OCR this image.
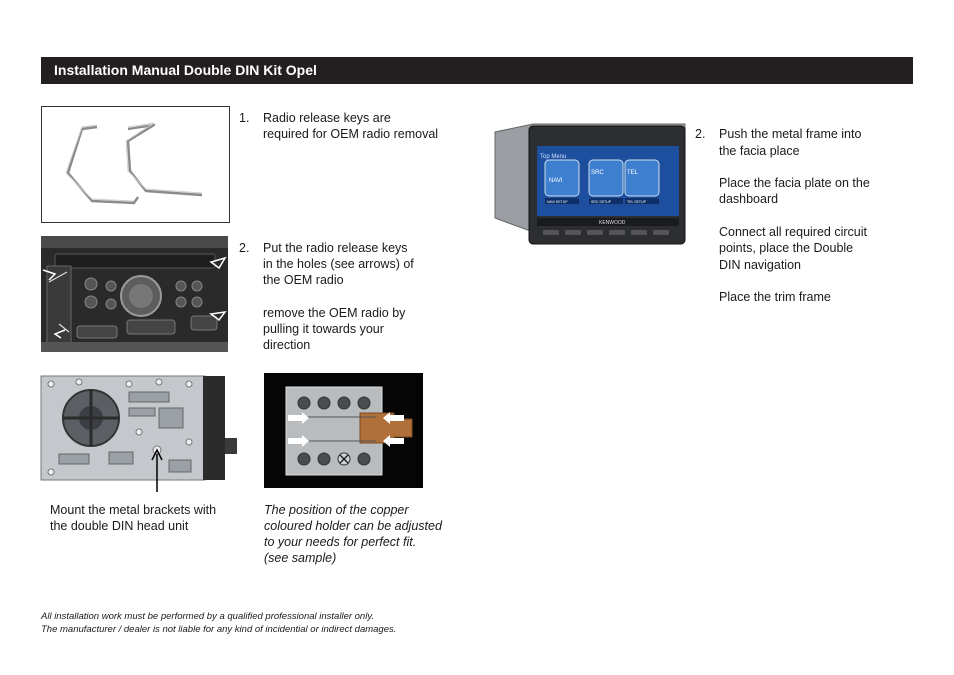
Installation Manual Double DIN Kit Opel
1. Radio release keys are
required for OEM radio removal
2. Put the radio release keys
in the holes (see arrows) of
the OEM radio
remove the OEM radio by
pulling it towards your
direction
Mount the metal brackets with
the double DIN head unit
The position of the copper
coloured holder can be adjusted
to your needs for perfect fit.
(see sample)
Top Menu
NAVI
SRC	TEL
NAVI SETUP	SRC SETUP	TEL SETUP
KENWOOD
2. Push the metal frame into
the facia place
Place the facia plate on the
dashboard
Connect all required circuit
points, place the Double
DIN navigation
Place the trim frame
All installation work must be performed by a qualified professional installer only.
The manufacturer / dealer is not liable for any kind of incidential or indirect damages.
